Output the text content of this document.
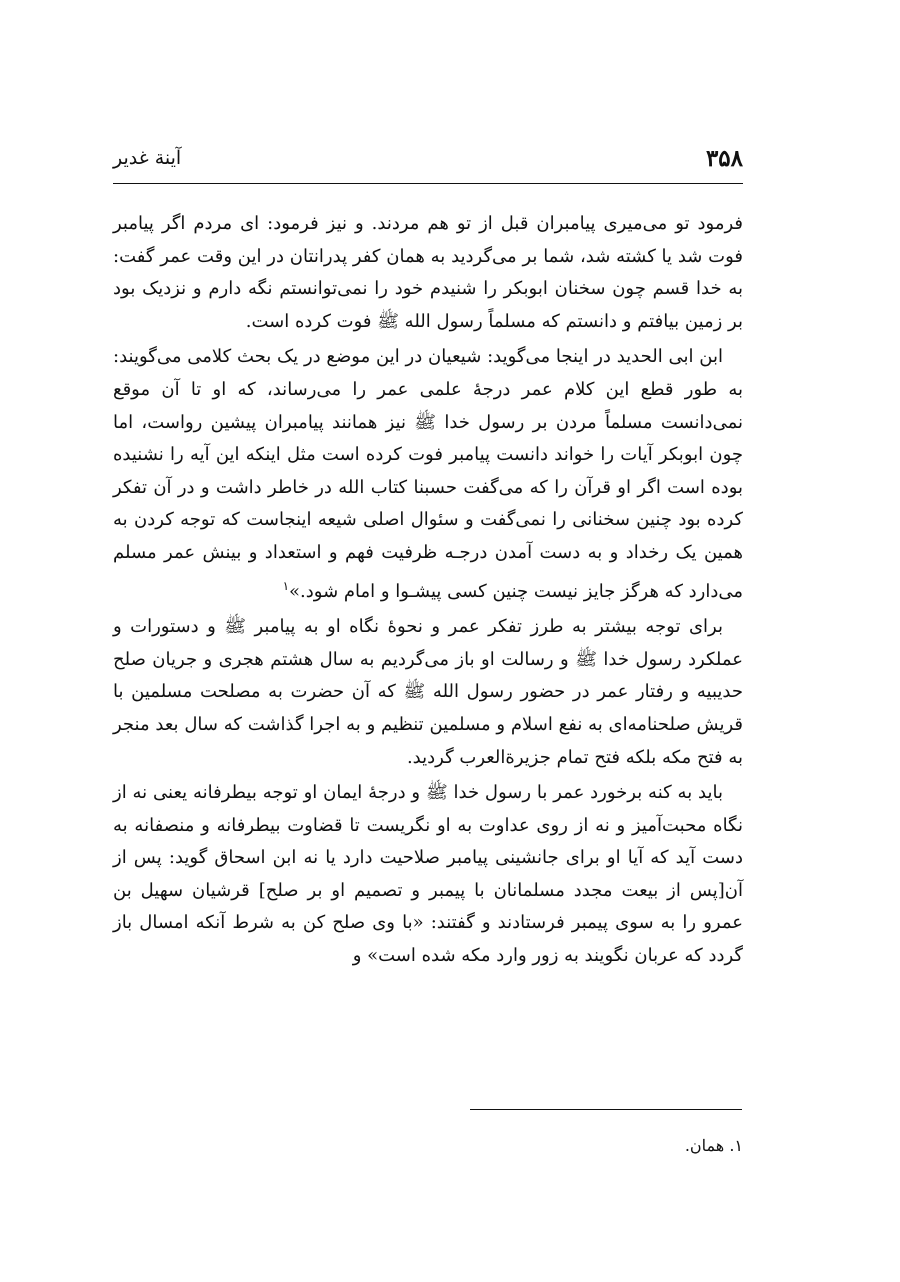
۳۵۸
آينة غدير

فرمود تو می‌میری پیامبران قبل از تو هم مردند. و نیز فرمود: ای مردم اگر پیامبر فوت شد یا کشته شد، شما بر می‌گردید به همان کفر پدرانتان در این وقت عمر گفت: به خدا قسم چون سخنان ابوبکر را شنیدم خود را نمی‌توانستم نگه دارم و نزدیک بود بر زمین بیافتم و دانستم که مسلماً رسول الله ﷺ فوت کرده است.

ابن ابی الحدید در اینجا می‌گوید: شیعیان در این موضع در یک بحث کلامی می‌گویند: به طور قطع این کلام عمر درجهٔ علمی عمر را می‌رساند، که او تا آن موقع نمی‌دانست مسلماً مردن بر رسول خدا ﷺ نیز همانند پیامبران پیشین رواست، اما چون ابوبکر آیات را خواند دانست پیامبر فوت کرده است مثل اینکه این آیه را نشنیده بوده است اگر او قرآن را که می‌گفت حسبنا کتاب الله در خاطر داشت و در آن تفکر کرده بود چنین سخنانی را نمی‌گفت و سئوال اصلی شیعه اینجاست که توجه کردن به همین یک رخداد و به دست آمدن درجـه ظرفیت فهم و استعداد و بینش عمر مسلم می‌دارد که هرگز جایز نیست چنین کسی پیشـوا و امام شود.»$^۱$

برای توجه بیشتر به طرز تفکر عمر و نحوهٔ نگاه او به پیامبر ﷺ و دستورات و عملکرد رسول خدا ﷺ و رسالت او باز می‌گردیم به سال هشتم هجری و جریان صلح حدیبیه و رفتار عمر در حضور رسول الله ﷺ که آن حضرت به مصلحت مسلمین با قریش صلحنامه‌ای به نفع اسلام و مسلمین تنظیم و به اجرا گذاشت که سال بعد منجر به فتح مکه بلکه فتح تمام جزیرةالعرب گردید.

باید به کنه برخورد عمر با رسول خدا ﷺ و درجهٔ ایمان او توجه بیطرفانه یعنی نه از نگاه محبت‌آمیز و نه از روی عداوت به او نگریست تا قضاوت بیطرفانه و منصفانه به دست آید که آیا او برای جانشینی پیامبر صلاحیت دارد یا نه ابن اسحاق گوید: پس از آن[پس از بیعت مجدد مسلمانان با پیمبر و تصمیم او بر صلح] قرشیان سهیل بن عمرو را به سوی پیمبر فرستادند و گفتند: «با وی صلح کن به شرط آنکه امسال باز گردد که عربان نگویند به زور وارد مکه شده است» و

۱. همان.
